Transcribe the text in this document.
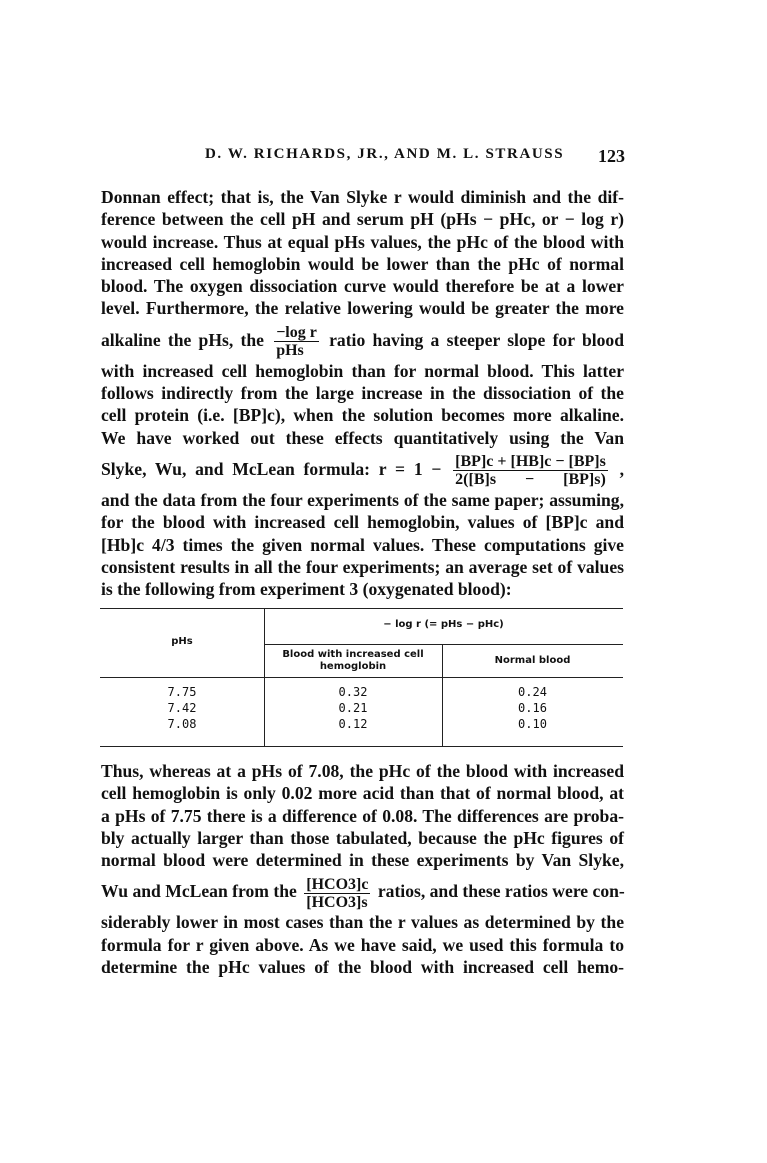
D. W. RICHARDS, JR., AND M. L. STRAUSS 123
Donnan effect; that is, the Van Slyke r would diminish and the dif-
ference between the cell pH and serum pH (pHs − pHc, or − log r)
would increase. Thus at equal pHs values, the pHc of the blood with
increased cell hemoglobin would be lower than the pHc of normal
blood. The oxygen dissociation curve would therefore be at a lower
level. Furthermore, the relative lowering would be greater the more
alkaline the pHs, the $\frac{\text{−log r}}{\text{pHs}}$ ratio having a steeper slope for blood
with increased cell hemoglobin than for normal blood. This latter
follows indirectly from the large increase in the dissociation of the
cell protein (i.e. [BP]c), when the solution becomes more alkaline.
We have worked out these effects quantitatively using the Van
Slyke, Wu, and McLean formula: $r = 1 - \frac{[BP]c + [HB]c - [BP]s}{2([B]s - [BP]s)}$ ,
and the data from the four experiments of the same paper; assuming,
for the blood with increased cell hemoglobin, values of [BP]c and
[Hb]c 4/3 times the given normal values. These computations give
consistent results in all the four experiments; an average set of values
is the following from experiment 3 (oxygenated blood):
pHs
− log r (= pHs − pHc)
Blood with increased cell hemoglobin
Normal blood
7.75	0.32	0.24
7.42	0.21	0.16
7.08	0.12	0.10
Thus, whereas at a pHs of 7.08, the pHc of the blood with increased
cell hemoglobin is only 0.02 more acid than that of normal blood, at
a pHs of 7.75 there is a difference of 0.08. The differences are proba-
bly actually larger than those tabulated, because the pHc figures of
normal blood were determined in these experiments by Van Slyke,
Wu and McLean from the $\frac{\text{[HCO3]c}}{\text{[HCO3]s}}$ ratios, and these ratios were con-
siderably lower in most cases than the r values as determined by the
formula for r given above. As we have said, we used this formula to
determine the pHc values of the blood with increased cell hemo-
